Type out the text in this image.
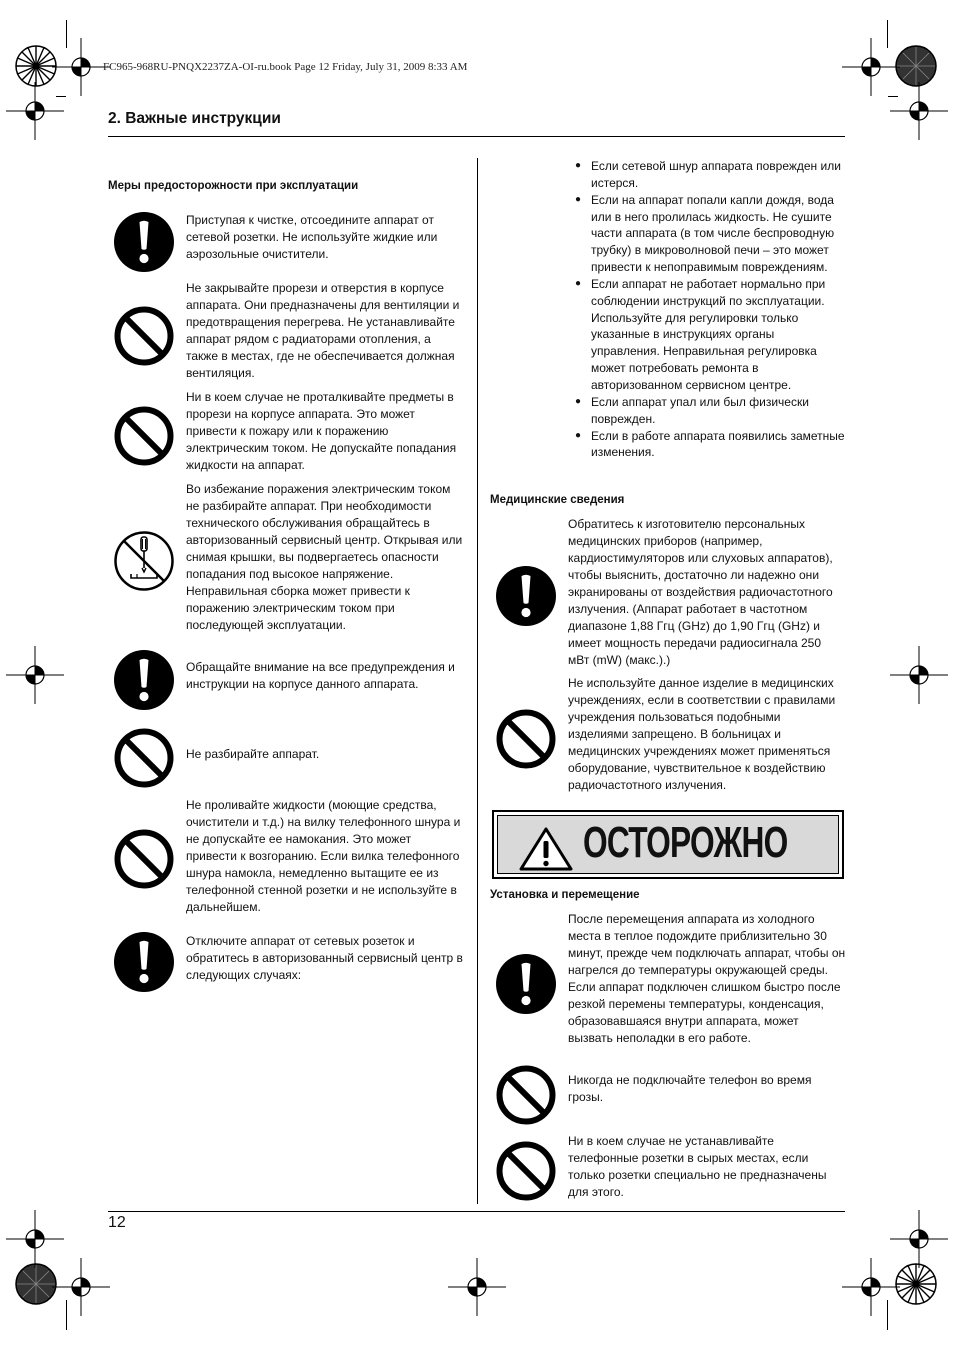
FC965-968RU-PNQX2237ZA-OI-ru.book Page 12 Friday, July 31, 2009 8:33 AM
2. Важные инструкции
12
Меры предосторожности при эксплуатации
Приступая к чистке, отсоедините аппарат от сетевой розетки. Не используйте жидкие или аэрозольные очистители.
Не закрывайте прорези и отверстия в корпусе аппарата. Они предназначены для вентиляции и предотвращения перегрева. Не устанавливайте аппарат рядом с радиаторами отопления, а также в местах, где не обеспечивается должная вентиляция.
Ни в коем случае не проталкивайте предметы в прорези на корпусе аппарата. Это может привести к пожару или к поражению электрическим током. Не допускайте попадания жидкости на аппарат.
Во избежание поражения электрическим током не разбирайте аппарат. При необходимости технического обслуживания обращайтесь в авторизованный сервисный центр. Открывая или снимая крышки, вы подвергаетесь опасности попадания под высокое напряжение. Неправильная сборка может привести к поражению электрическим током при последующей эксплуатации.
Обращайте внимание на все предупреждения и инструкции на корпусе данного аппарата.
Не разбирайте аппарат.
Не проливайте жидкости (моющие средства, очистители и т.д.) на вилку телефонного шнура и не допускайте ее намокания. Это может привести к возгоранию. Если вилка телефонного шнура намокла, немедленно вытащите ее из телефонной стенной розетки и не используйте в дальнейшем.
Отключите аппарат от сетевых розеток и обратитесь в авторизованный сервисный центр в следующих случаях:
● Если сетевой шнур аппарата поврежден или истерся.
● Если на аппарат попали капли дождя, вода или в него пролилась жидкость. Не сушите части аппарата (в том числе беспроводную трубку) в микроволновой печи – это может привести к непоправимым повреждениям.
● Если аппарат не работает нормально при соблюдении инструкций по эксплуатации. Используйте для регулировки только указанные в инструкциях органы управления. Неправильная регулировка может потребовать ремонта в авторизованном сервисном центре.
● Если аппарат упал или был физически поврежден.
● Если в работе аппарата появились заметные изменения.
Медицинские сведения
Обратитесь к изготовителю персональных медицинских приборов (например, кардиостимуляторов или слуховых аппаратов), чтобы выяснить, достаточно ли надежно они экранированы от воздействия радиочастотного излучения. (Аппарат работает в частотном диапазоне 1,88 Ггц (GHz) до 1,90 Ггц (GHz) и имеет мощность передачи радиосигнала 250 мВт (mW) (макс.).)
Не используйте данное изделие в медицинских учреждениях, если в соответствии с правилами учреждения пользоваться подобными изделиями запрещено. В больницах и медицинских учреждениях может применяться оборудование, чувствительное к воздействию радиочастотного излучения.
ОСТОРОЖНО
Установка и перемещение
После перемещения аппарата из холодного места в теплое подождите приблизительно 30 минут, прежде чем подключать аппарат, чтобы он нагрелся до температуры окружающей среды. Если аппарат подключен слишком быстро после резкой перемены температуры, конденсация, образовавшаяся внутри аппарата, может вызвать неполадки в его работе.
Никогда не подключайте телефон во время грозы.
Ни в коем случае не устанавливайте телефонные розетки в сырых местах, если только розетки специально не предназначены для этого.
